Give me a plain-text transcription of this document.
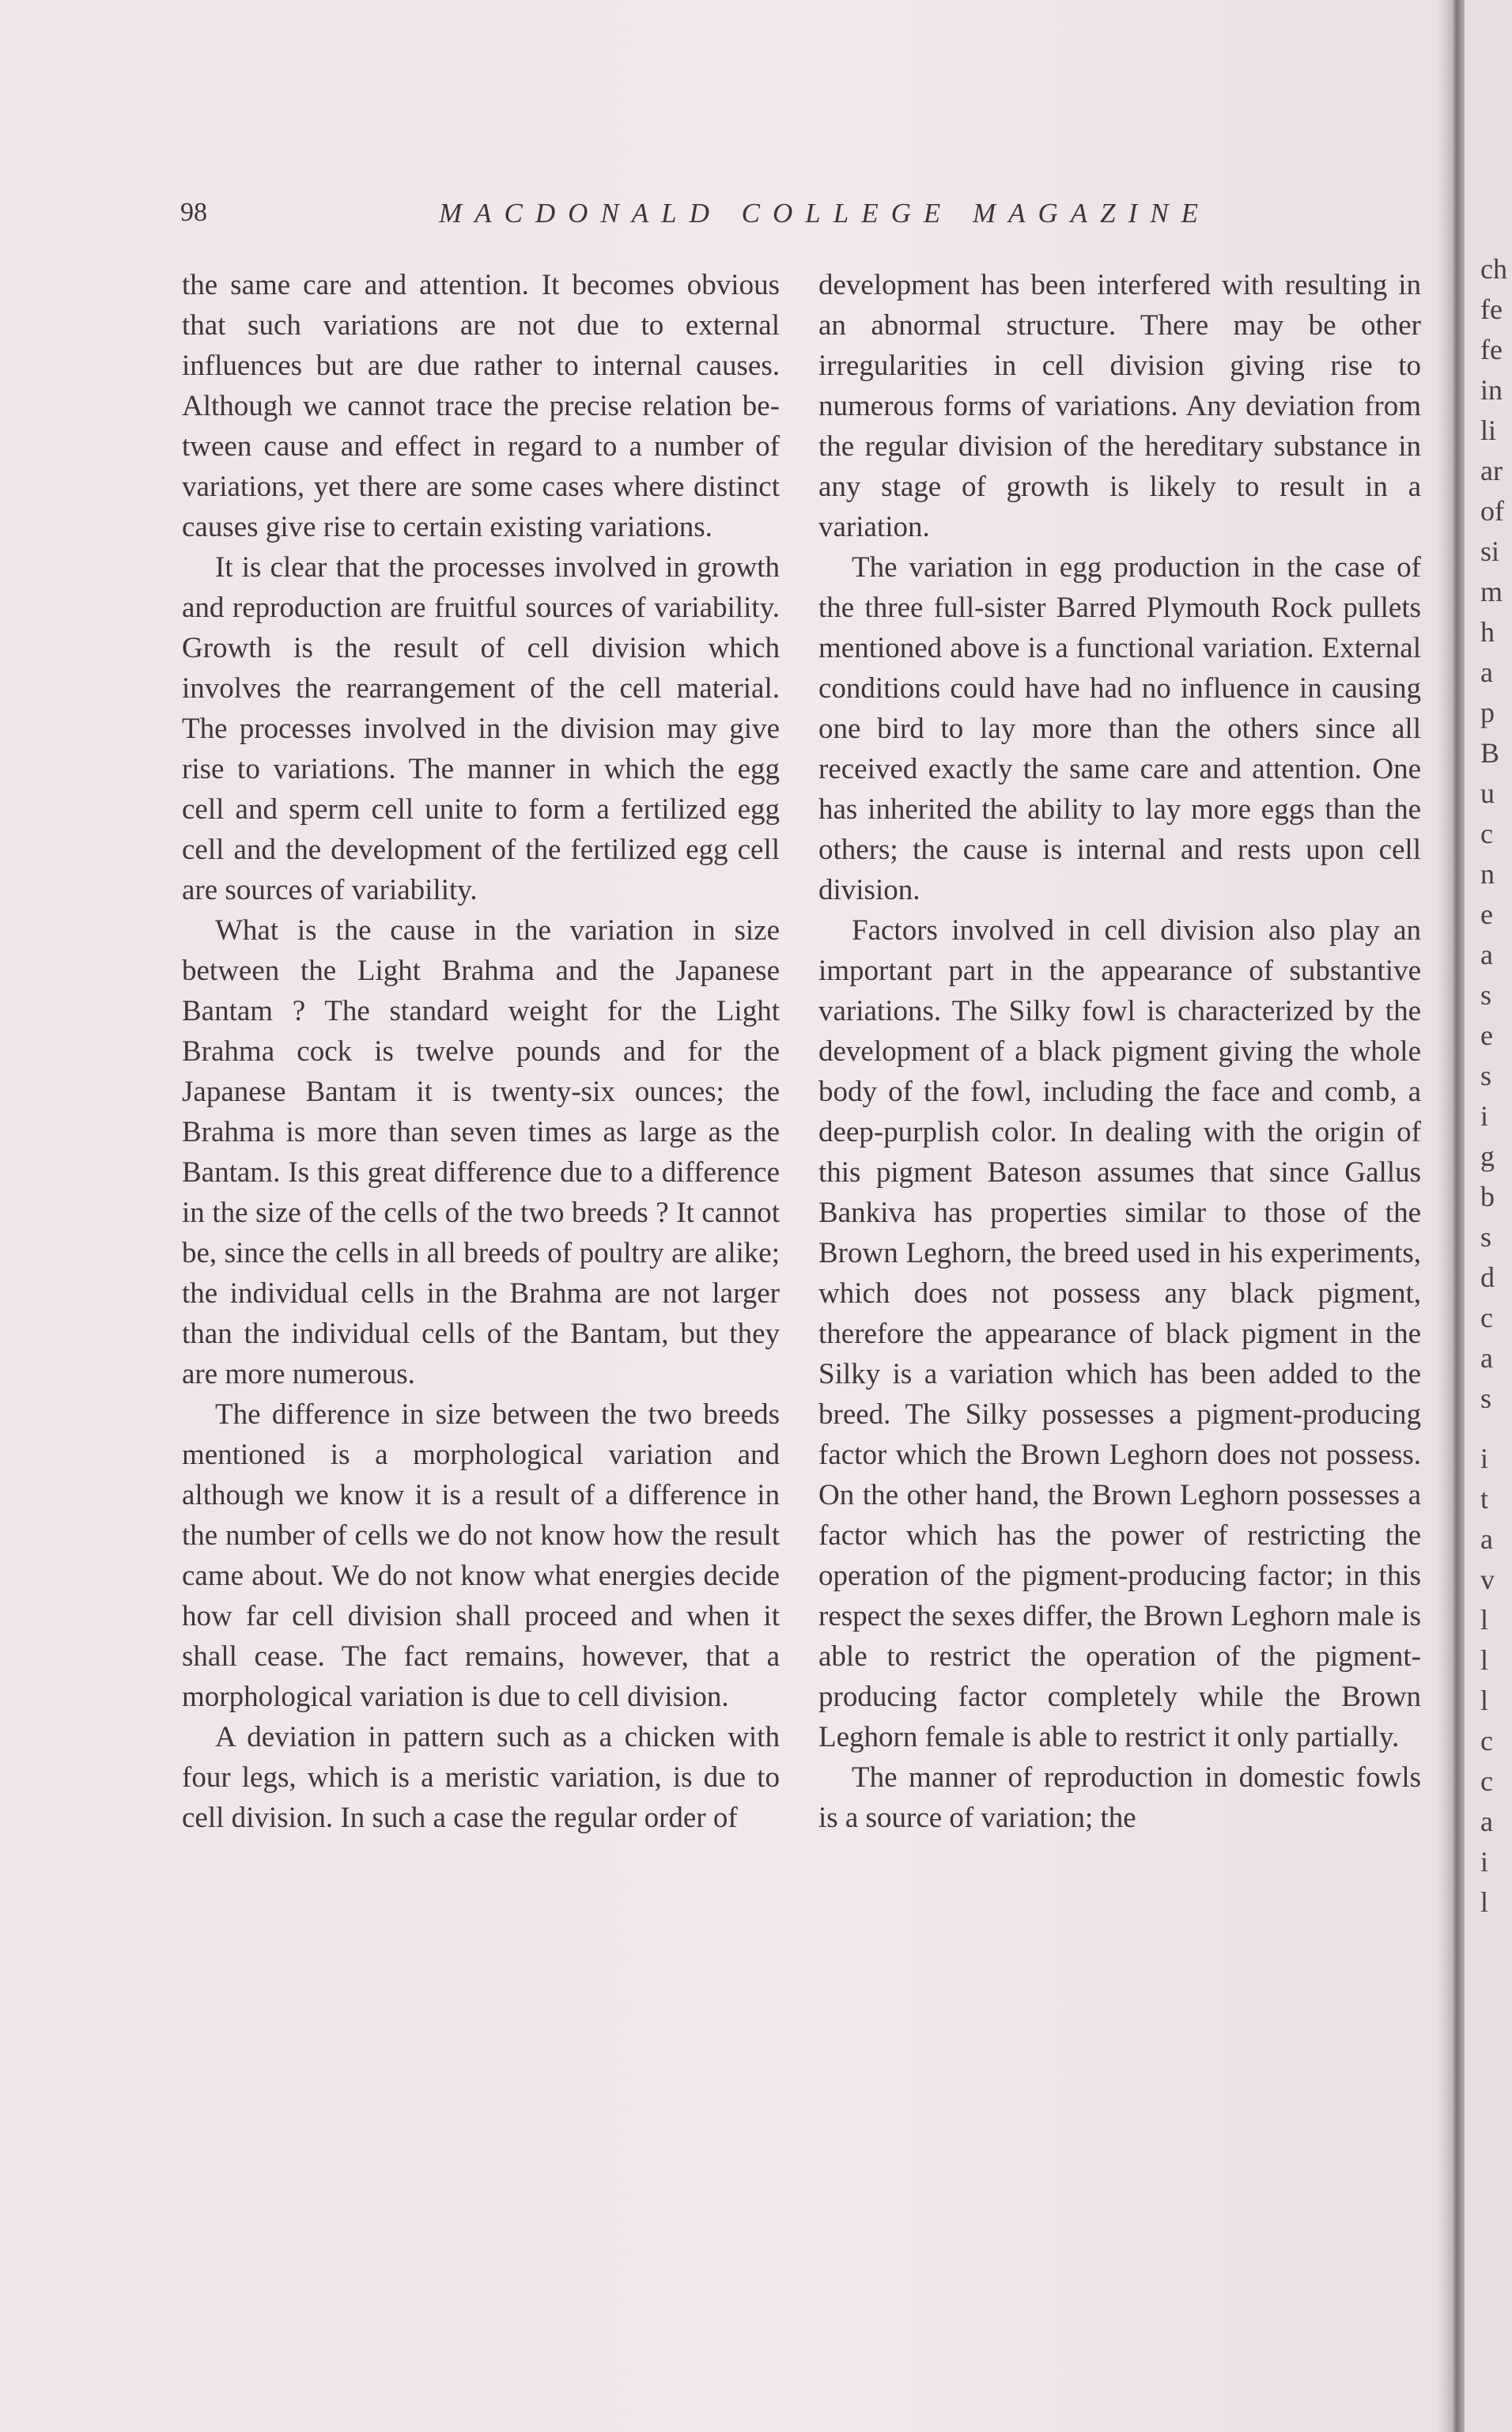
98	MACDONALD COLLEGE MAGAZINE

the same care and attention. It becomes obvious that such variations are not due to external influences but are due rather to internal causes. Although we cannot trace the precise relation between cause and effect in regard to a number of variations, yet there are some cases where distinct causes give rise to certain existing variations.

It is clear that the processes involved in growth and reproduction are fruitful sources of variability. Growth is the result of cell division which involves the rearrangement of the cell material. The processes involved in the division may give rise to variations. The manner in which the egg cell and sperm cell unite to form a fertilized egg cell and the development of the fertilized egg cell are sources of variability.

What is the cause in the variation in size between the Light Brahma and the Japanese Bantam ? The standard weight for the Light Brahma cock is twelve pounds and for the Japanese Bantam it is twenty-six ounces; the Brahma is more than seven times as large as the Bantam. Is this great difference due to a difference in the size of the cells of the two breeds ? It cannot be, since the cells in all breeds of poultry are alike; the individual cells in the Brahma are not larger than the individual cells of the Bantam, but they are more numerous.

The difference in size between the two breeds mentioned is a morphological variation and although we know it is a result of a difference in the number of cells we do not know how the result came about. We do not know what energies decide how far cell division shall proceed and when it shall cease. The fact remains, however, that a morphological variation is due to cell division.

A deviation in pattern such as a chicken with four legs, which is a meristic variation, is due to cell division. In such a case the regular order of

development has been interfered with resulting in an abnormal structure. There may be other irregularities in cell division giving rise to numerous forms of variations. Any deviation from the regular division of the hereditary substance in any stage of growth is likely to result in a variation.

The variation in egg production in the case of the three full-sister Barred Plymouth Rock pullets mentioned above is a functional variation. External conditions could have had no influence in causing one bird to lay more than the others since all received exactly the same care and attention. One has inherited the ability to lay more eggs than the others; the cause is internal and rests upon cell division.

Factors involved in cell division also play an important part in the appearance of substantive variations. The Silky fowl is characterized by the development of a black pigment giving the whole body of the fowl, including the face and comb, a deep-purplish color. In dealing with the origin of this pigment Bateson assumes that since Gallus Bankiva has properties similar to those of the Brown Leghorn, the breed used in his experiments, which does not possess any black pigment, therefore the appearance of black pigment in the Silky is a variation which has been added to the breed. The Silky possesses a pigment-producing factor which the Brown Leghorn does not possess. On the other hand, the Brown Leghorn possesses a factor which has the power of restricting the operation of the pigment-producing factor; in this respect the sexes differ, the Brown Leghorn male is able to restrict the operation of the pigment-producing factor completely while the Brown Leghorn female is able to restrict it only partially.

The manner of reproduction in domestic fowls is a source of variation; the

ch
fe
fe
in
li
ar
of
si
m
h
a
p
B
u
c
n
e
a
s
e
s
i
g
b
s
d
c
a
s
i
t
a
v
l
l
l
c
c
a
i
l
